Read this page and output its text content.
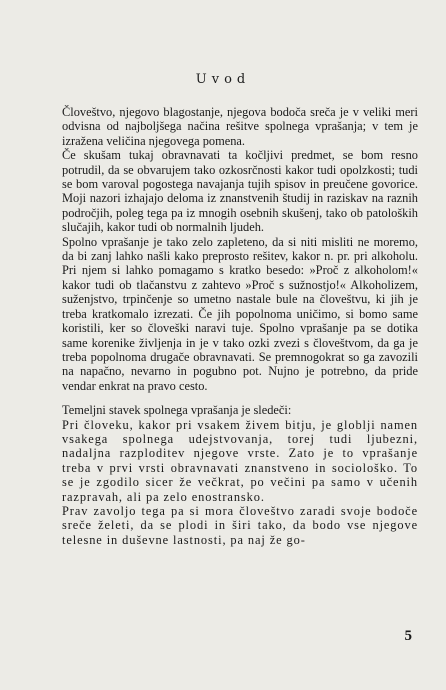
Uvod

Človeštvo, njegovo blagostanje, njegova bodoča sreča je v veliki meri odvisna od najboljšega načina rešitve spolnega vprašanja; v tem je izražena veličina njegovega pomena.

Če skušam tukaj obravnavati ta kočljivi predmet, se bom resno potrudil, da se obvarujem tako ozkosrčnosti kakor tudi opolzkosti; tudi se bom varoval pogostega navajanja tujih spisov in preučene govorice. Moji nazori izhajajo deloma iz znanstvenih študij in raziskav na raznih področjih, poleg tega pa iz mnogih osebnih skušenj, tako ob patoloških slučajih, kakor tudi ob normalnih ljudeh.

Spolno vprašanje je tako zelo zapleteno, da si niti misliti ne moremo, da bi zanj lahko našli kako preprosto rešitev, kakor n. pr. pri alkoholu. Pri njem si lahko pomagamo s kratko besedo: »Proč z alkoholom!« kakor tudi ob tlačanstvu z zahtevo »Proč s sužnostjo!« Alkoholizem, suženjstvo, trpinčenje so umetno nastale bule na človeštvu, ki jih je treba kratkomalo izrezati. Če jih popolnoma uničimo, si bomo same koristili, ker so človeški naravi tuje. Spolno vprašanje pa se dotika same korenike življenja in je v tako ozki zvezi s človeštvom, da ga je treba popolnoma drugače obravnavati. Se premnogokrat so ga zavozili na napačno, nevarno in pogubno pot. Nujno je potrebno, da pride vendar enkrat na pravo cesto.

Temeljni stavek spolnega vprašanja je sledeči:

Pri človeku, kakor pri vsakem živem bitju, je globlji namen vsakega spolnega udejstvovanja, torej tudi ljubezni, nadaljna razploditev njegove vrste. Zato je to vprašanje treba v prvi vrsti obravnavati znanstveno in sociološko. To se je zgodilo sicer že večkrat, po večini pa samo v učenih razpravah, ali pa zelo enostransko.

Prav zavoljo tega pa si mora človeštvo zaradi svoje bodoče sreče želeti, da se plodi in širi tako, da bodo vse njegove telesne in duševne lastnosti, pa naj že go-

5
